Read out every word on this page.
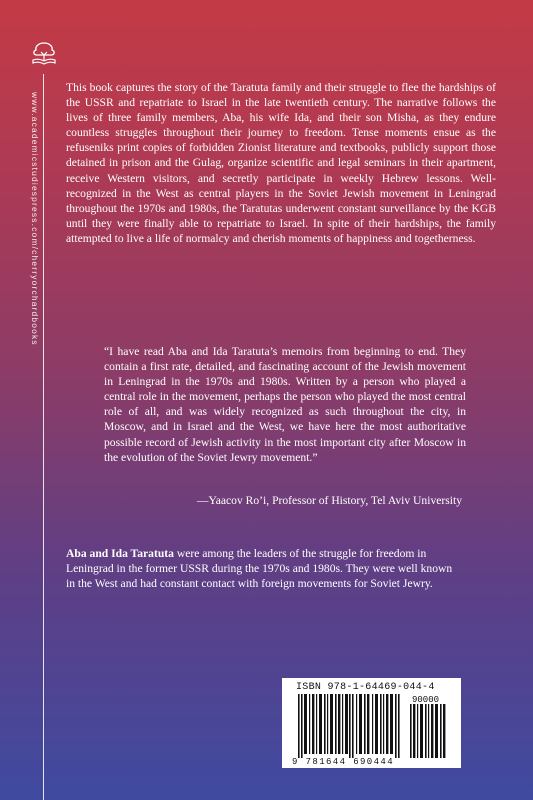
www.academicstudiespress.com/cherryorchardbooks

This book captures the story of the Taratuta family and their struggle to flee the hardships of the USSR and repatriate to Israel in the late twentieth century. The narrative follows the lives of three family members, Aba, his wife Ida, and their son Misha, as they endure countless struggles throughout their journey to freedom. Tense moments ensue as the refuseniks print copies of forbidden Zionist literature and textbooks, publicly support those detained in prison and the Gulag, organize scientific and legal seminars in their apartment, receive Western visitors, and secretly participate in weekly Hebrew lessons. Well-recognized in the West as central players in the Soviet Jewish movement in Leningrad throughout the 1970s and 1980s, the Taratutas underwent constant surveillance by the KGB until they were finally able to repatriate to Israel. In spite of their hardships, the family attempted to live a life of normalcy and cherish moments of happiness and togetherness.

“I have read Aba and Ida Taratuta’s memoirs from beginning to end. They contain a first rate, detailed, and fascinating account of the Jewish movement in Leningrad in the 1970s and 1980s. Written by a person who played a central role in the movement, perhaps the person who played the most central role of all, and was widely recognized as such throughout the city, in Moscow, and in Israel and the West, we have here the most authoritative possible record of Jewish activity in the most important city after Moscow in the evolution of the Soviet Jewry movement.”

—Yaacov Ro’i, Professor of History, Tel Aviv University

Aba and Ida Taratuta were among the leaders of the struggle for freedom in Leningrad in the former USSR during the 1970s and 1980s. They were well known in the West and had constant contact with foreign movements for Soviet Jewry.

ISBN 978-1-64469-044-4
90000
9 781644 690444
